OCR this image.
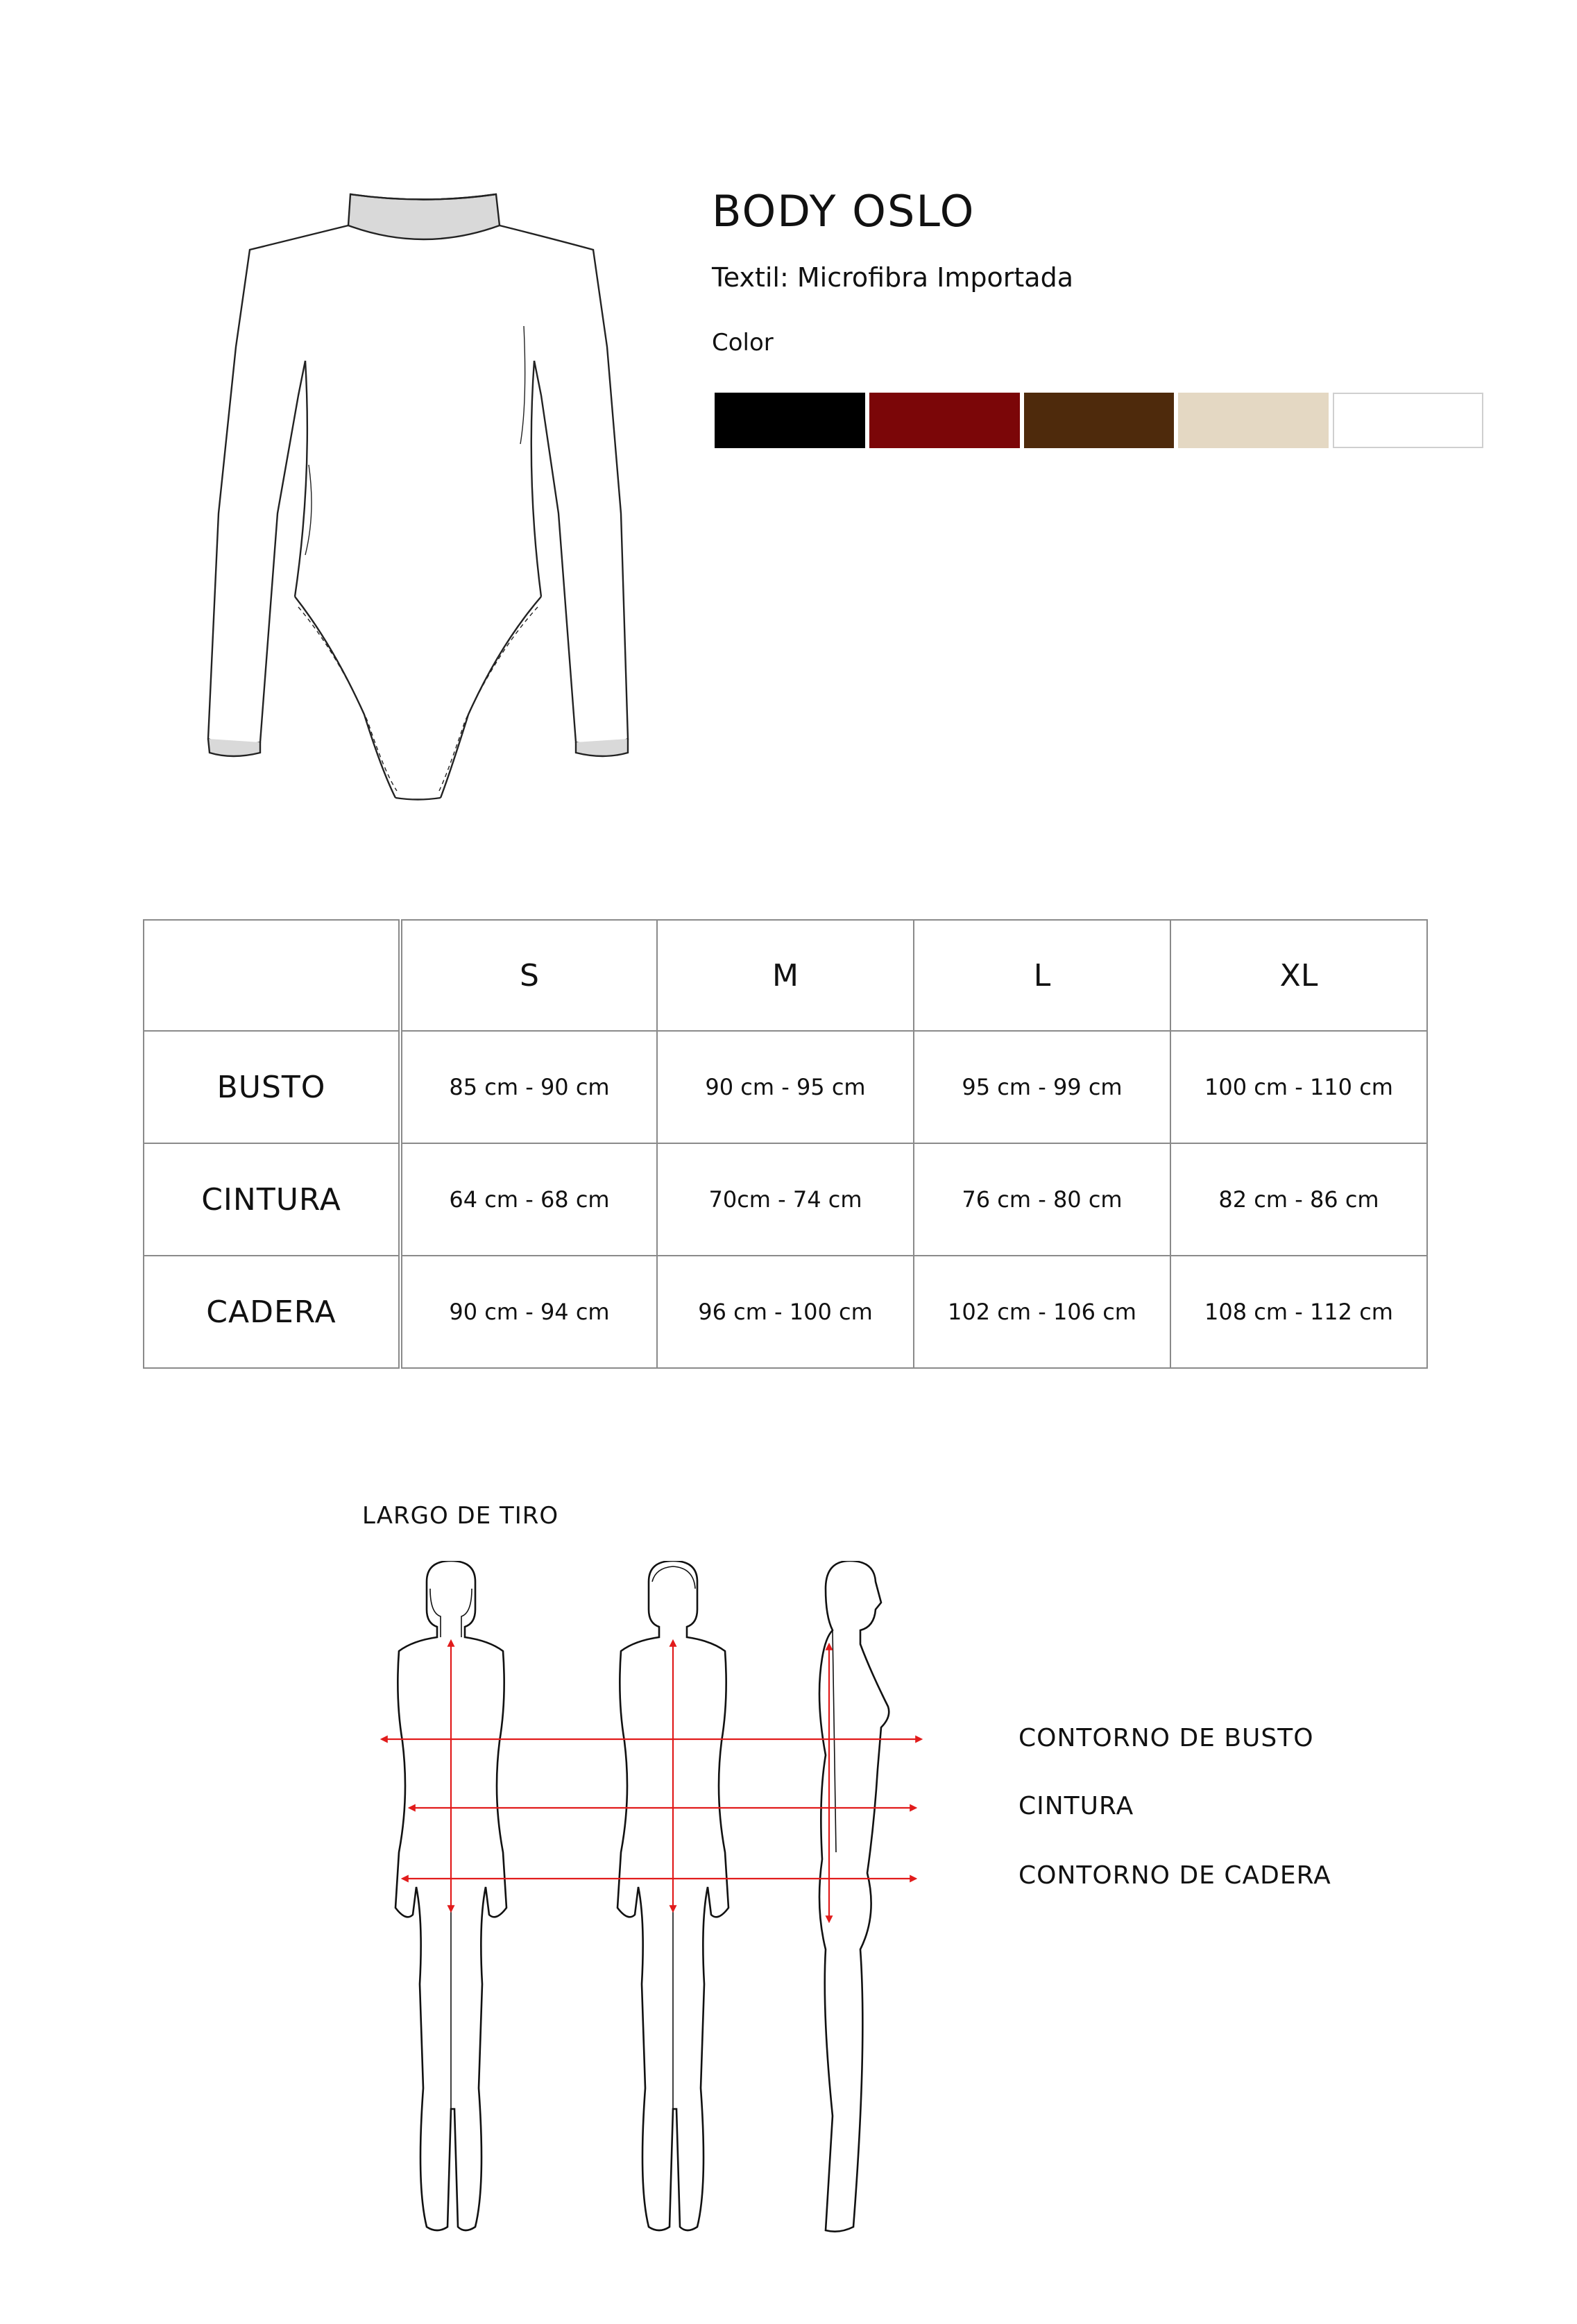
BODY OSLO
Textil: Microfibra Importada
Color
	S	M	L	XL
BUSTO	85 cm - 90 cm	90 cm - 95 cm	95 cm - 99 cm	100 cm - 110 cm
CINTURA	64 cm - 68 cm	70cm - 74 cm	76 cm - 80 cm	82 cm - 86 cm
CADERA	90 cm - 94 cm	96 cm - 100 cm	102 cm - 106 cm	108 cm - 112 cm
LARGO DE TIRO
CONTORNO DE BUSTO
CINTURA
CONTORNO DE CADERA
